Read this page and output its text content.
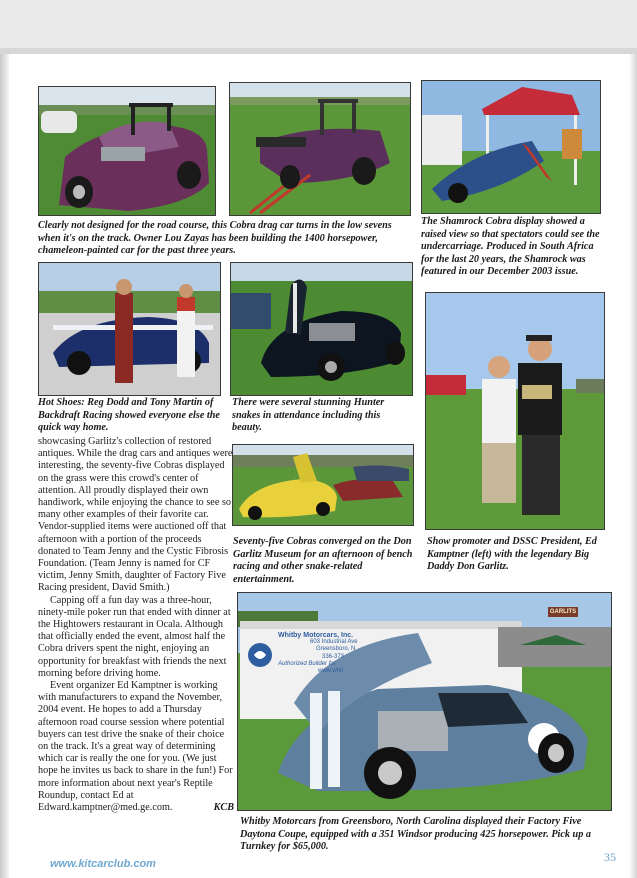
Clearly not designed for the road course, this Cobra drag car turns in the low sevens when it's on the track. Owner Lou Zayas has been building the 1400 horsepower, chameleon-painted car for the past three years.
The Shamrock Cobra display showed a raised view so that spectators could see the undercarriage. Produced in South Africa for the last 20 years, the Shamrock was featured in our December 2003 issue.
Hot Shoes: Reg Dodd and Tony Martin of Backdraft Racing showed everyone else the quick way home.
There were several stunning Hunter snakes in attendance including this beauty.
Seventy-five Cobras converged on the Don Garlitz Museum for an afternoon of bench racing and other snake-related entertainment.
Show promoter and DSSC President, Ed Kamptner (left) with the legendary Big Daddy Don Garlitz.
Whitby Motorcars, Inc.
603 Industrial Ave
Greensboro, N
336-373
Authorized Builder for
www.whit
GARLITS
Whitby Motorcars from Greensboro, North Carolina displayed their Factory Five Daytona Coupe, equipped with a 351 Windsor producing 425 horsepower. Pick up a Turnkey for $65,000.

showcasing Garlitz's collection of restored antiques. While the drag cars and antiques were interesting, the seventy-five Cobras displayed on the grass were this crowd's center of attention. All proudly displayed their own handiwork, while enjoying the chance to see so many other examples of their favorite car. Vendor-supplied items were auctioned off that afternoon with a portion of the proceeds donated to Team Jenny and the Cystic Fibrosis Foundation. (Team Jenny is named for CF victim, Jenny Smith, daughter of Factory Five Racing president, David Smith.)

Capping off a fun day was a three-hour, ninety-mile poker run that ended with dinner at the Hightowers restaurant in Ocala. Although that officially ended the event, almost half the Cobra drivers spent the night, enjoying an opportunity for breakfast with friends the next morning before driving home.

Event organizer Ed Kamptner is working with manufacturers to expand the November, 2004 event. He hopes to add a Thursday afternoon road course session where potential buyers can test drive the snake of their choice on the track. It's a great way of determining which car is really the one for you. (We just hope he invites us back to share in the fun!) For more information about next year's Reptile Roundup, contact Ed at Edward.kamptner@med.ge.com.	KCB

www.kitcarclub.com	35
